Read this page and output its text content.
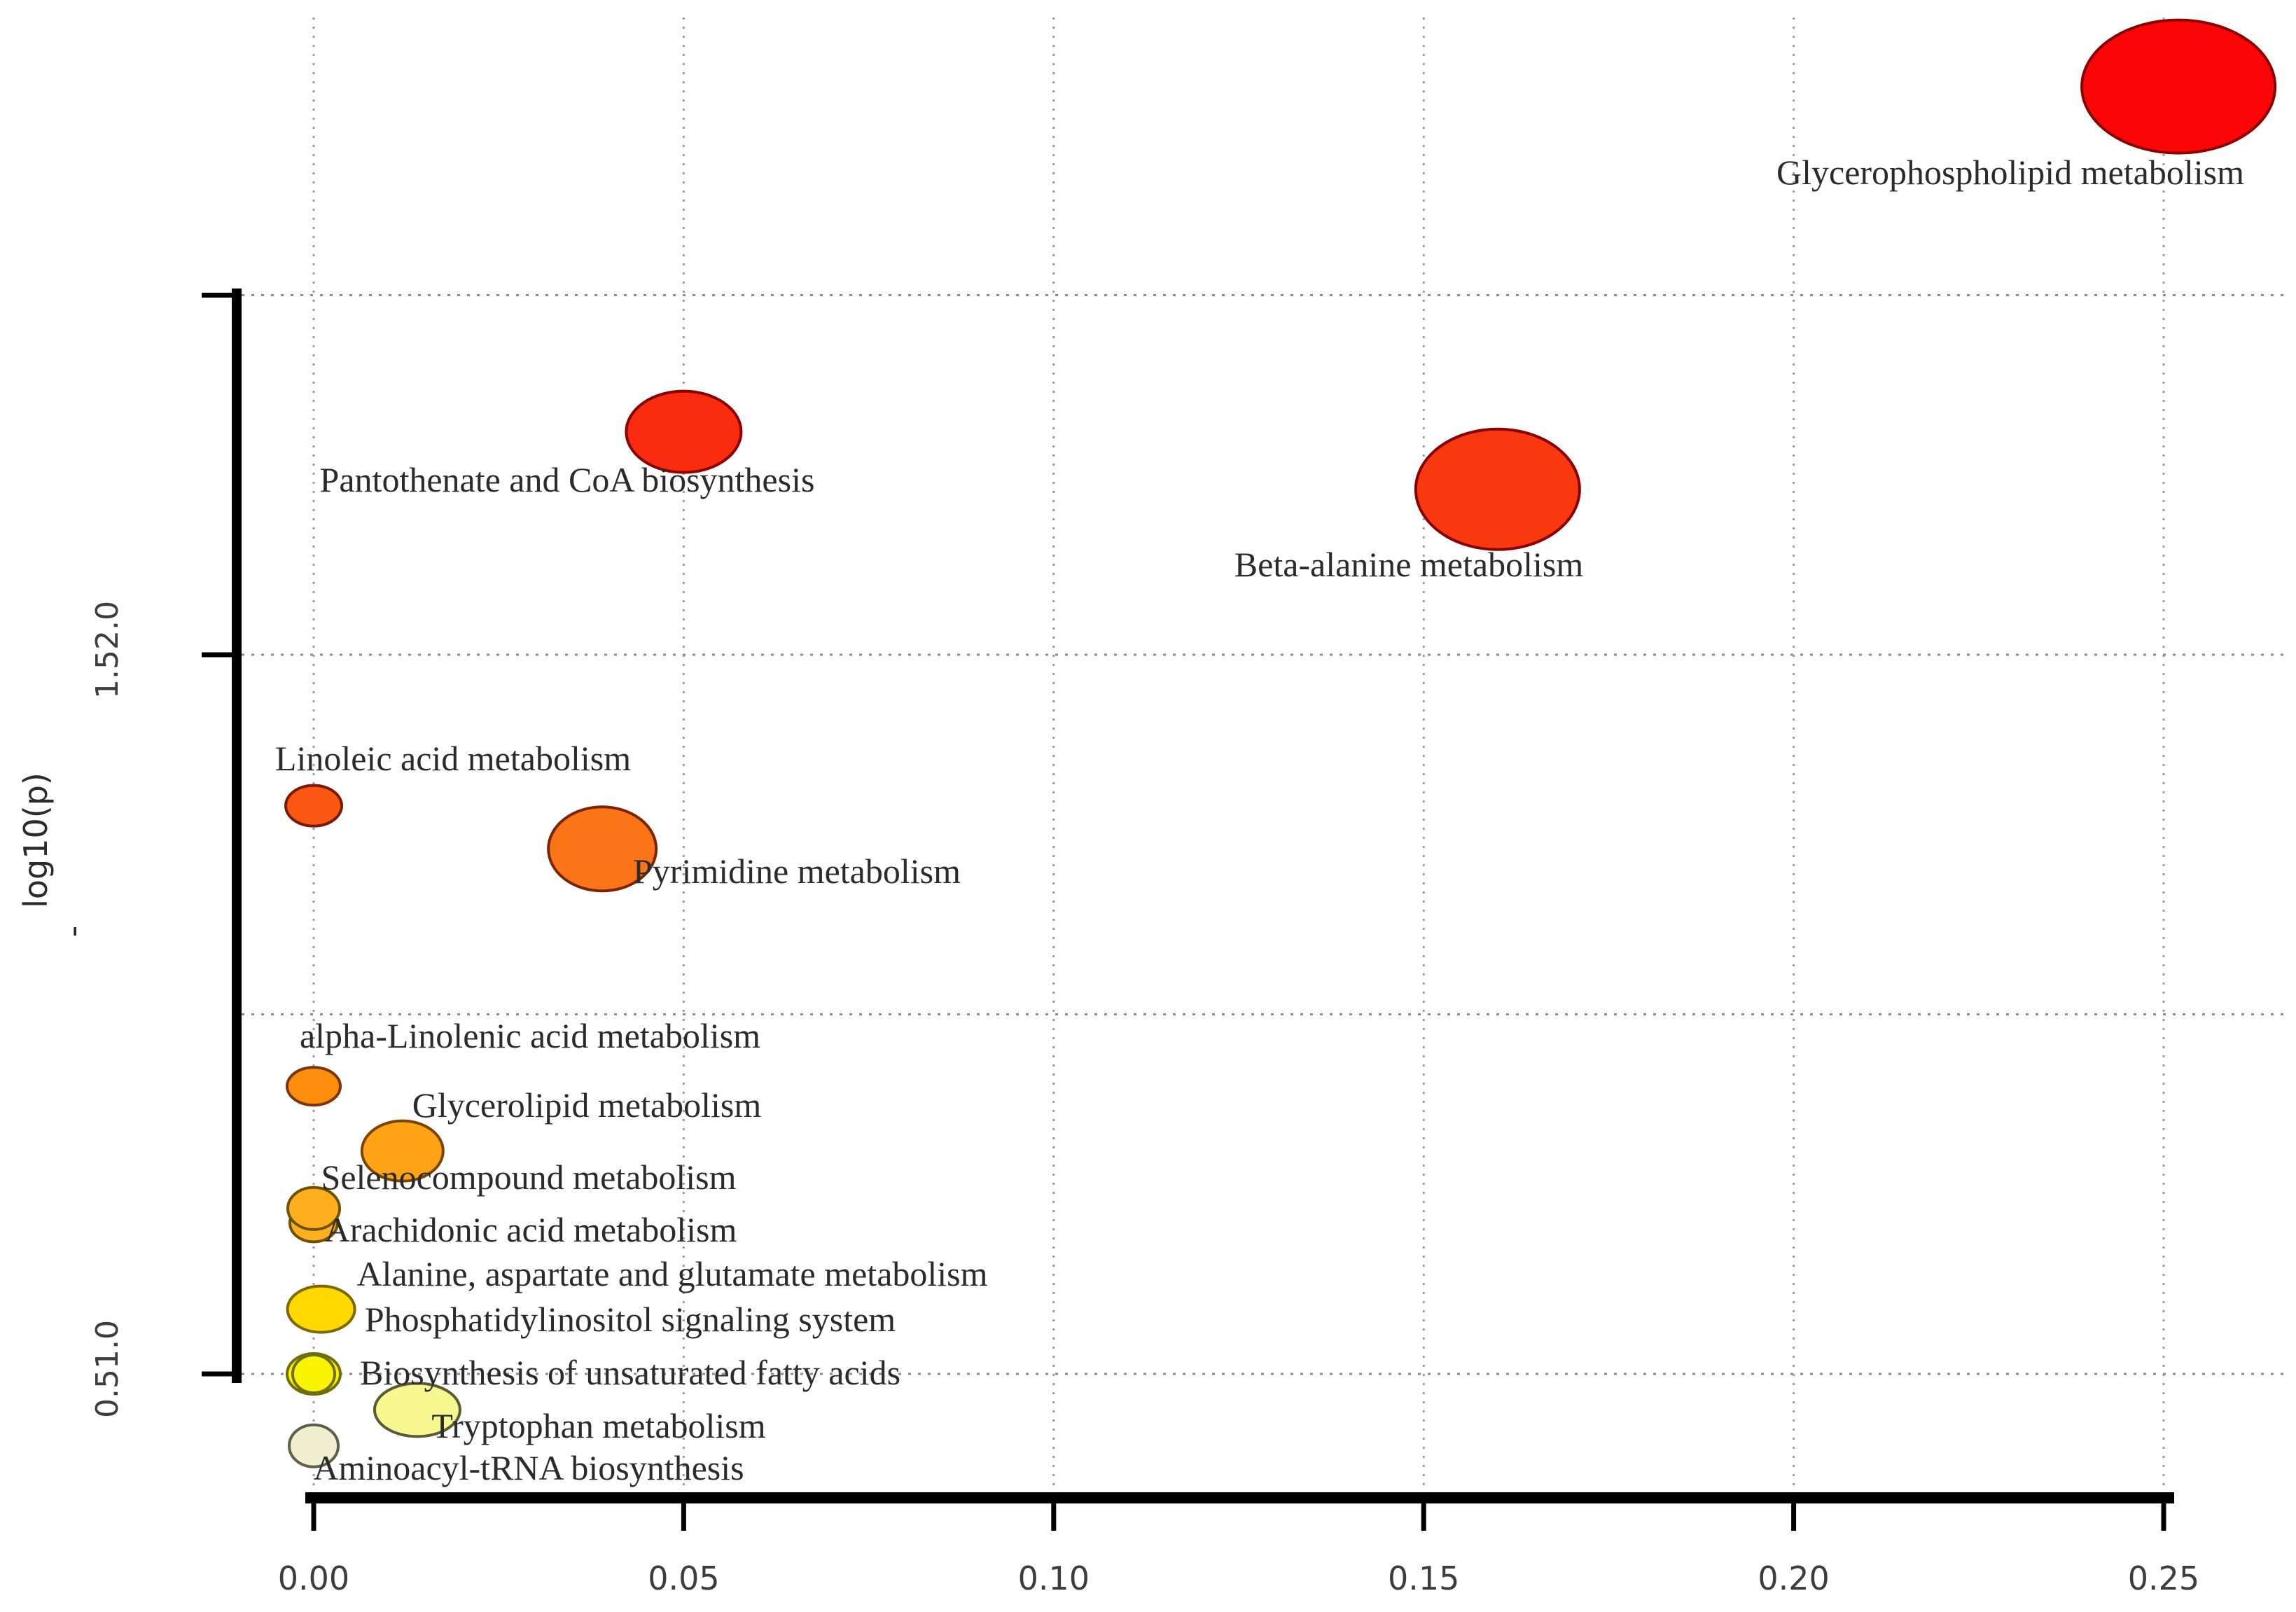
Arachidonic acid metabolism
Phosphatidylinositol signaling system
Glycerophospholipid metabolism
Pantothenate and CoA biosynthesis
Beta-alanine metabolism
Linoleic acid metabolism
Pyrimidine metabolism
alpha-Linolenic acid metabolism
Glycerolipid metabolism
Selenocompound metabolism
Alanine, aspartate and glutamate metabolism
Biosynthesis of unsaturated fatty acids
Tryptophan metabolism
Aminoacyl-tRNA biosynthesis
0.00	0.05	0.10	0.15	0.20	0.25
1.52.0
0.51.0
log10(p)
-
